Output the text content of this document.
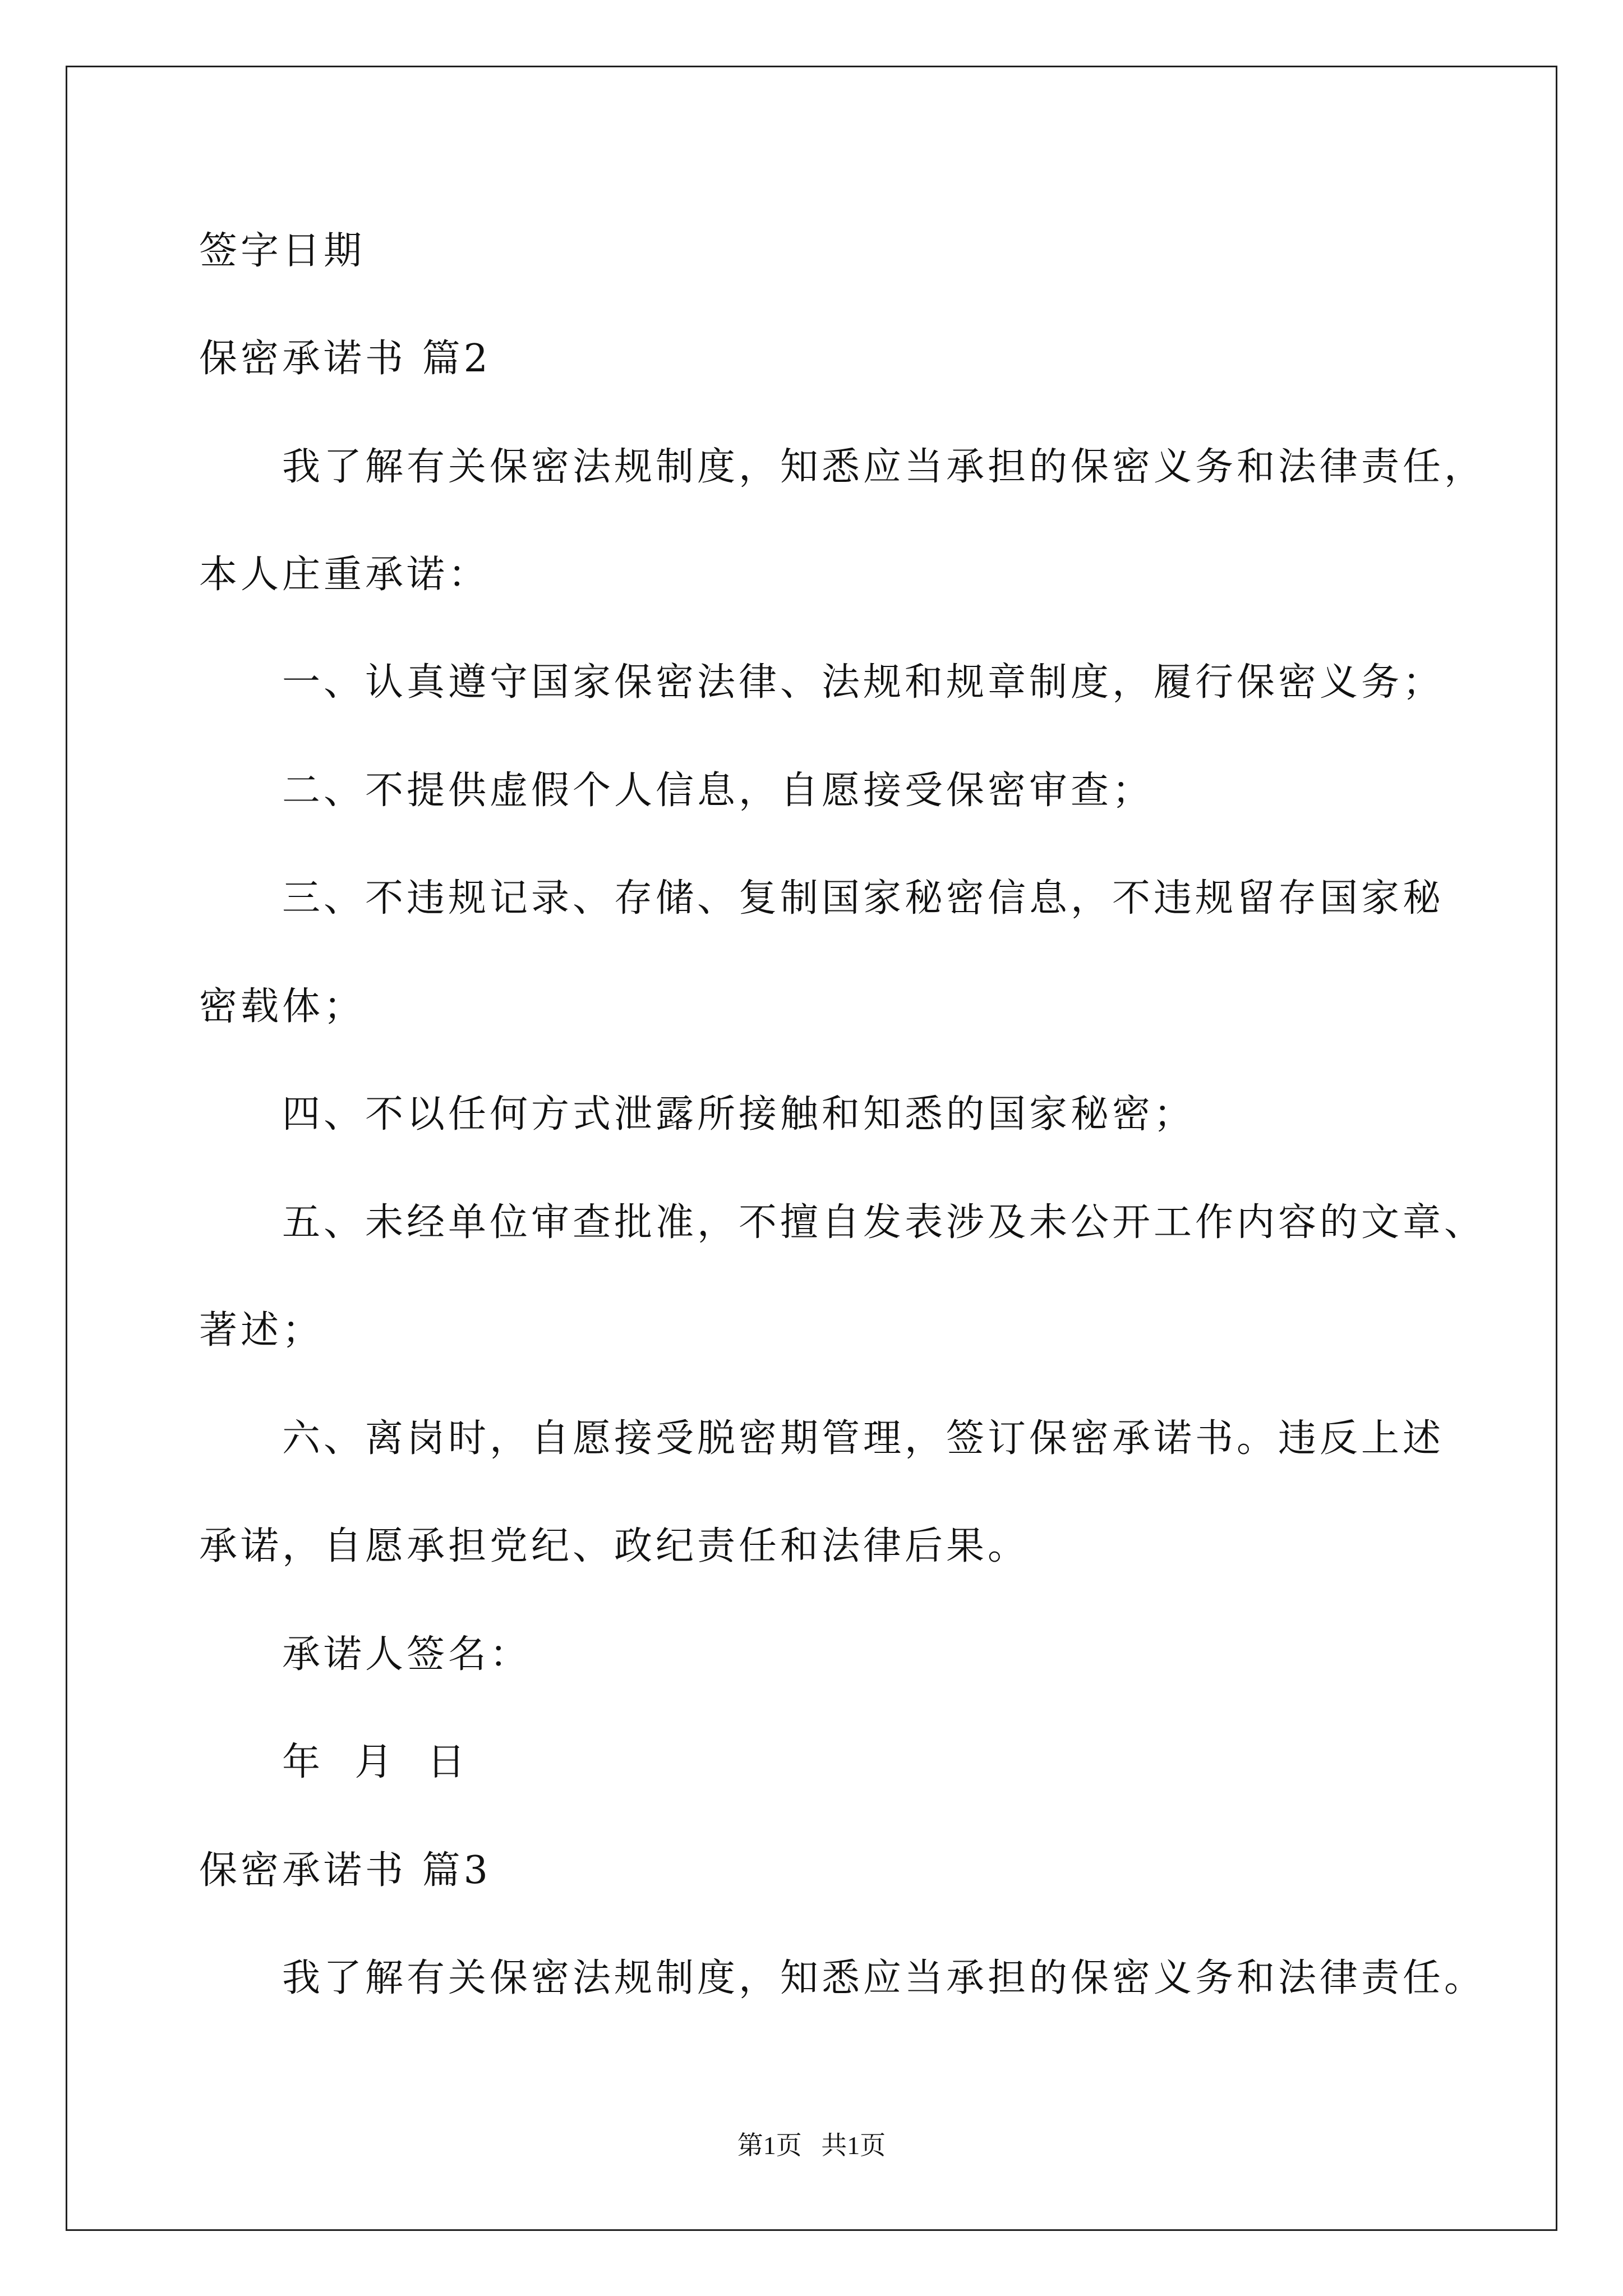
签字日期
保密承诺书 篇2
我了解有关保密法规制度，知悉应当承担的保密义务和法律责任，
本人庄重承诺：
一、认真遵守国家保密法律、法规和规章制度，履行保密义务；
二、不提供虚假个人信息，自愿接受保密审查；
三、不违规记录、存储、复制国家秘密信息，不违规留存国家秘
密载体；
四、不以任何方式泄露所接触和知悉的国家秘密；
五、未经单位审查批准，不擅自发表涉及未公开工作内容的文章、
著述；
六、离岗时，自愿接受脱密期管理，签订保密承诺书。违反上述
承诺，自愿承担党纪、政纪责任和法律后果。
承诺人签名：
年  月  日
保密承诺书 篇3
我了解有关保密法规制度，知悉应当承担的保密义务和法律责任。
第1页   共1页
